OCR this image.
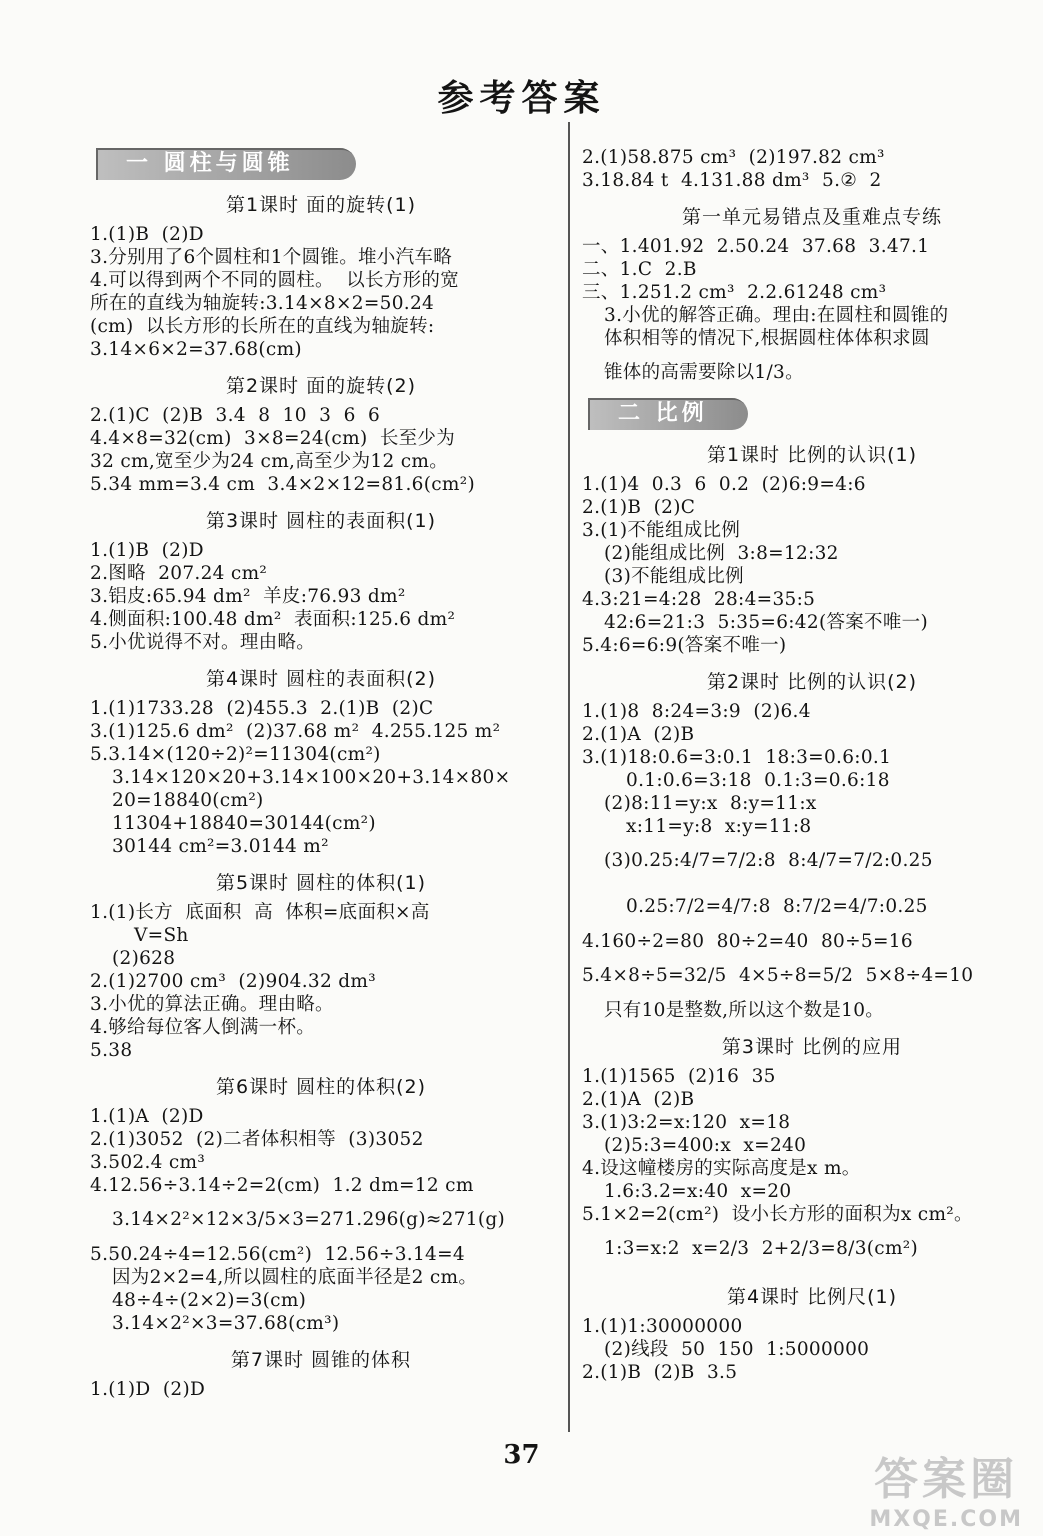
参考答案
一 圆柱与圆锥
第1课时 面的旋转(1)
1.(1)B  (2)D
3.分别用了6个圆柱和1个圆锥。堆小汽车略
4.可以得到两个不同的圆柱。  以长方形的宽
所在的直线为轴旋转:3.14×8×2=50.24
(cm)  以长方形的长所在的直线为轴旋转:
3.14×6×2=37.68(cm)
第2课时 面的旋转(2)
2.(1)C  (2)B  3.4  8  10  3  6  6
4.4×8=32(cm)  3×8=24(cm)  长至少为
32 cm,宽至少为24 cm,高至少为12 cm。
5.34 mm=3.4 cm  3.4×2×12=81.6(cm²)
第3课时 圆柱的表面积(1)
1.(1)B  (2)D
2.图略  207.24 cm²
3.铝皮:65.94 dm²  羊皮:76.93 dm²
4.侧面积:100.48 dm²  表面积:125.6 dm²
5.小优说得不对。理由略。
第4课时 圆柱的表面积(2)
1.(1)1733.28  (2)455.3  2.(1)B  (2)C
3.(1)125.6 dm²  (2)37.68 m²  4.255.125 m²
5.3.14×(120÷2)²=11304(cm²)
3.14×120×20+3.14×100×20+3.14×80×
20=18840(cm²)
11304+18840=30144(cm²)
30144 cm²=3.0144 m²
第5课时 圆柱的体积(1)
1.(1)长方  底面积  高  体积=底面积×高
V=Sh
(2)628
2.(1)2700 cm³  (2)904.32 dm³
3.小优的算法正确。理由略。
4.够给每位客人倒满一杯。
5.38
第6课时 圆柱的体积(2)
1.(1)A  (2)D
2.(1)3052  (2)二者体积相等  (3)3052
3.502.4 cm³
4.12.56÷3.14÷2=2(cm)  1.2 dm=12 cm
3.14×2²×12×3/5×3=271.296(g)≈271(g)
5.50.24÷4=12.56(cm²)  12.56÷3.14=4
因为2×2=4,所以圆柱的底面半径是2 cm。
48÷4÷(2×2)=3(cm)
3.14×2²×3=37.68(cm³)
第7课时 圆锥的体积
1.(1)D  (2)D
2.(1)58.875 cm³  (2)197.82 cm³
3.18.84 t  4.131.88 dm³  5.②  2
第一单元易错点及重难点专练
一、1.401.92  2.50.24  37.68  3.47.1
二、1.C  2.B
三、1.251.2 cm³  2.2.61248 cm³
3.小优的解答正确。理由:在圆柱和圆锥的
体积相等的情况下,根据圆柱体体积求圆
锥体的高需要除以1/3。
二 比例
第1课时 比例的认识(1)
1.(1)4  0.3  6  0.2  (2)6:9=4:6
2.(1)B  (2)C
3.(1)不能组成比例
(2)能组成比例  3:8=12:32
(3)不能组成比例
4.3:21=4:28  28:4=35:5
42:6=21:3  5:35=6:42(答案不唯一)
5.4:6=6:9(答案不唯一)
第2课时 比例的认识(2)
1.(1)8  8:24=3:9  (2)6.4
2.(1)A  (2)B
3.(1)18:0.6=3:0.1  18:3=0.6:0.1
0.1:0.6=3:18  0.1:3=0.6:18
(2)8:11=y:x  8:y=11:x
x:11=y:8  x:y=11:8
(3)0.25:4/7=7/2:8  8:4/7=7/2:0.25
0.25:7/2=4/7:8  8:7/2=4/7:0.25
4.160÷2=80  80÷2=40  80÷5=16
5.4×8÷5=32/5  4×5÷8=5/2  5×8÷4=10
只有10是整数,所以这个数是10。
第3课时 比例的应用
1.(1)1565  (2)16  35
2.(1)A  (2)B
3.(1)3:2=x:120  x=18
(2)5:3=400:x  x=240
4.设这幢楼房的实际高度是x m。
1.6:3.2=x:40  x=20
5.1×2=2(cm²)  设小长方形的面积为x cm²。
1:3=x:2  x=2/3  2+2/3=8/3(cm²)
第4课时 比例尺(1)
1.(1)1:30000000
(2)线段  50  150  1:5000000
2.(1)B  (2)B  3.5
37	答案圈
MXQE.COM
